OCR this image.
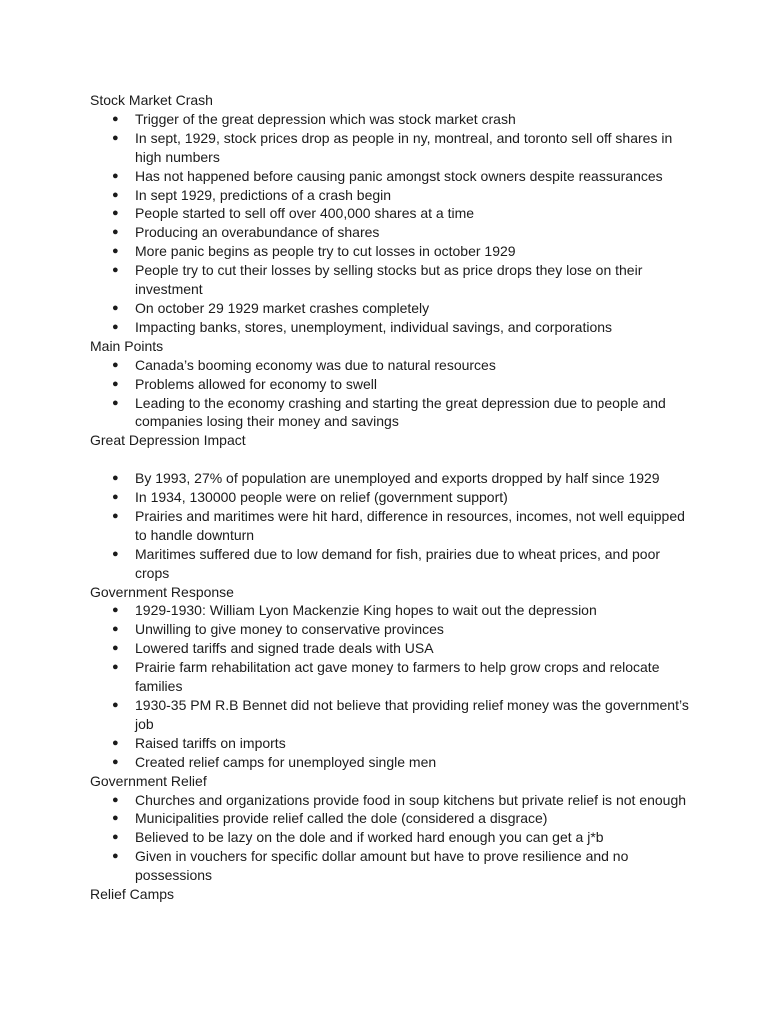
Stock Market Crash

● Trigger of the great depression which was stock market crash
● In sept, 1929, stock prices drop as people in ny, montreal, and toronto sell off shares in high numbers
● Has not happened before causing panic amongst stock owners despite reassurances
● In sept 1929, predictions of a crash begin
● People started to sell off over 400,000 shares at a time
● Producing an overabundance of shares
● More panic begins as people try to cut losses in october 1929
● People try to cut their losses by selling stocks but as price drops they lose on their investment
● On october 29 1929 market crashes completely
● Impacting banks, stores, unemployment, individual savings, and corporations

Main Points

● Canada’s booming economy was due to natural resources
● Problems allowed for economy to swell
● Leading to the economy crashing and starting the great depression due to people and companies losing their money and savings

Great Depression Impact

● By 1993, 27% of population are unemployed and exports dropped by half since 1929
● In 1934, 130000 people were on relief (government support)
● Prairies and maritimes were hit hard, difference in resources, incomes, not well equipped to handle downturn
● Maritimes suffered due to low demand for fish, prairies due to wheat prices, and poor crops

Government Response

● 1929-1930: William Lyon Mackenzie King hopes to wait out the depression
● Unwilling to give money to conservative provinces
● Lowered tariffs and signed trade deals with USA
● Prairie farm rehabilitation act gave money to farmers to help grow crops and relocate families
● 1930-35 PM R.B Bennet did not believe that providing relief money was the government’s job
● Raised tariffs on imports
● Created relief camps for unemployed single men

Government Relief

● Churches and organizations provide food in soup kitchens but private relief is not enough
● Municipalities provide relief called the dole (considered a disgrace)
● Believed to be lazy on the dole and if worked hard enough you can get a j*b
● Given in vouchers for specific dollar amount but have to prove resilience and no possessions

Relief Camps
